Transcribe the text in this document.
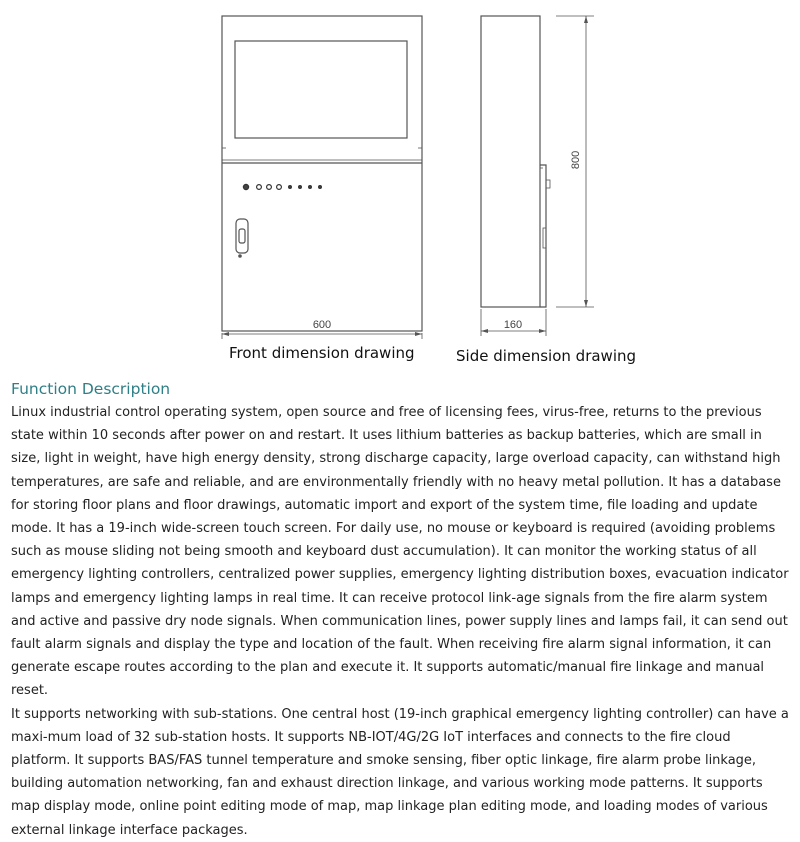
600	160
800
Front dimension drawing	Side dimension drawing
Function Description

Linux industrial control operating system, open source and free of licensing fees, virus-free, returns to the previous state within 10 seconds after power on and restart. It uses lithium batteries as backup batteries, which are small in size, light in weight, have high energy density, strong discharge capacity, large overload capacity, can withstand high temperatures, are safe and reliable, and are environmentally friendly with no heavy metal pollution. It has a database for storing floor plans and floor drawings, automatic import and export of the system time, file loading and update mode. It has a 19-inch wide-screen touch screen. For daily use, no mouse or keyboard is required (avoiding problems such as mouse sliding not being smooth and keyboard dust accumulation). It can monitor the working status of all emergency lighting controllers, centralized power supplies, emergency lighting distribution boxes, evacuation indicator lamps and emergency lighting lamps in real time. It can receive protocol link-age signals from the fire alarm system and active and passive dry node signals. When communication lines, power supply lines and lamps fail, it can send out fault alarm signals and display the type and location of the fault. When receiving fire alarm signal information, it can generate escape routes according to the plan and execute it. It supports automatic/manual fire linkage and manual reset.

It supports networking with sub-stations. One central host (19-inch graphical emergency lighting controller) can have a maxi-mum load of 32 sub-station hosts. It supports NB-IOT/4G/2G IoT interfaces and connects to the fire cloud platform. It supports BAS/FAS tunnel temperature and smoke sensing, fiber optic linkage, fire alarm probe linkage, building automation networking, fan and exhaust direction linkage, and various working mode patterns. It supports map display mode, online point editing mode of map, map linkage plan editing mode, and loading modes of various external linkage interface packages.
